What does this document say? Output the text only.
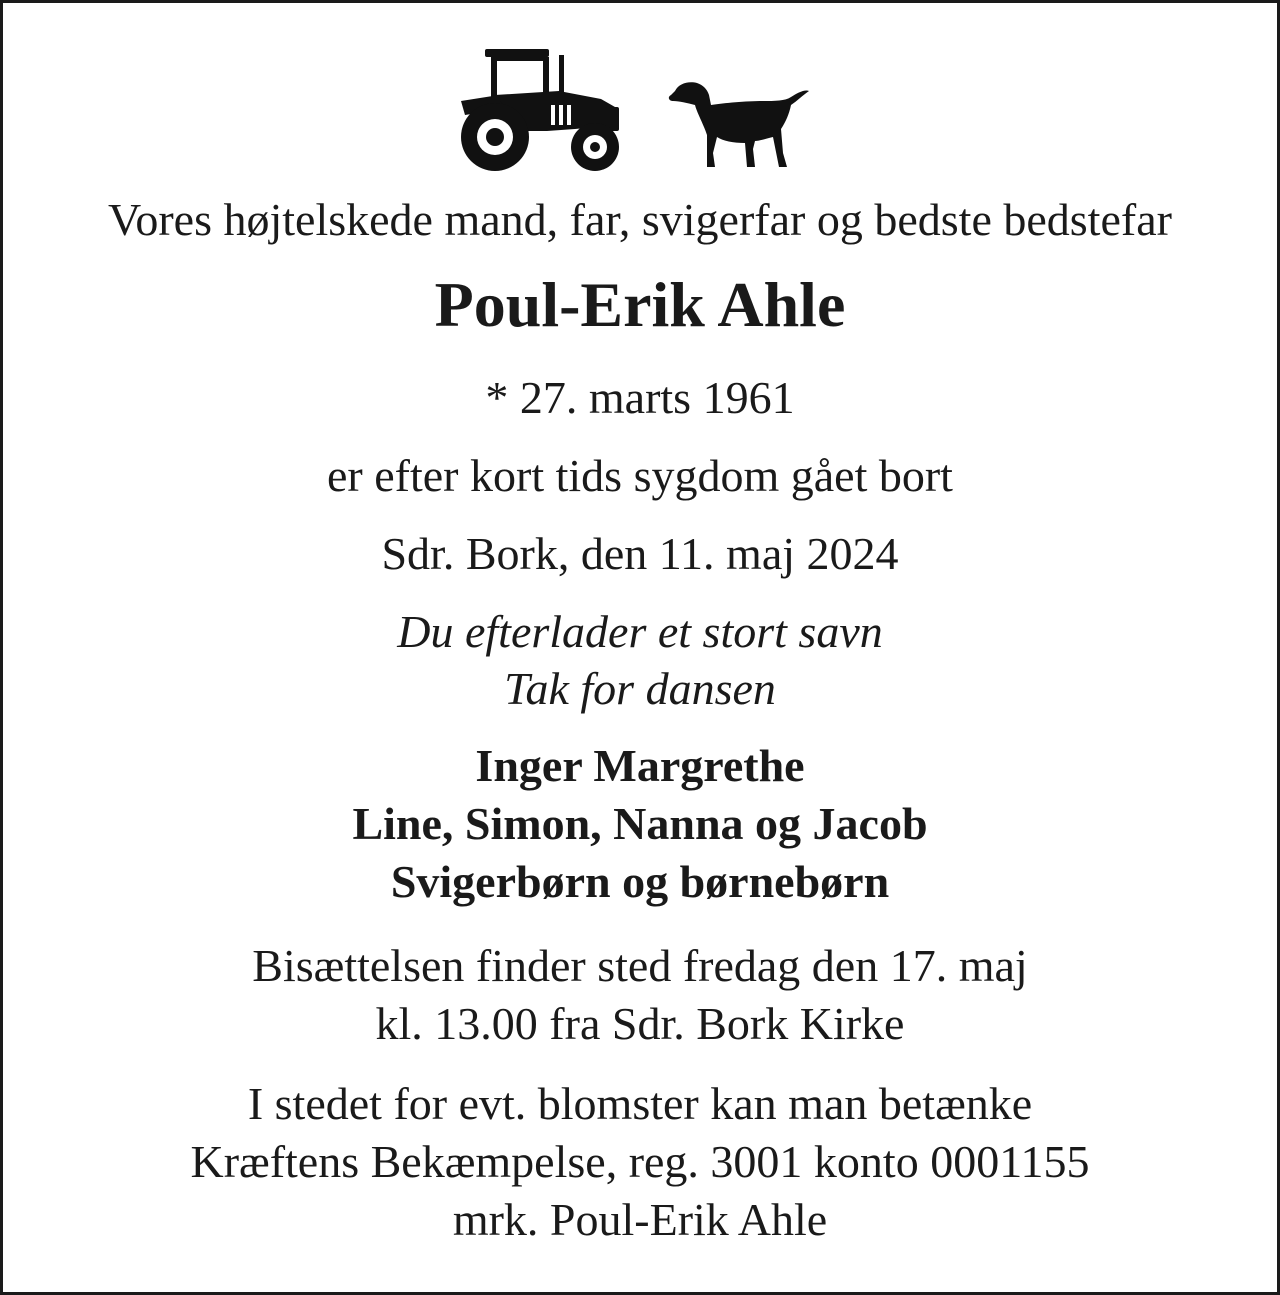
Vores højtelskede mand, far, svigerfar og bedste bedstefar
Poul-Erik Ahle
* 27. marts 1961
er efter kort tids sygdom gået bort
Sdr. Bork, den 11. maj 2024
Du efterlader et stort savn
Tak for dansen
Inger Margrethe
Line, Simon, Nanna og Jacob
Svigerbørn og børnebørn
Bisættelsen finder sted fredag den 17. maj
kl. 13.00 fra Sdr. Bork Kirke
I stedet for evt. blomster kan man betænke
Kræftens Bekæmpelse, reg. 3001 konto 0001155
mrk. Poul-Erik Ahle
